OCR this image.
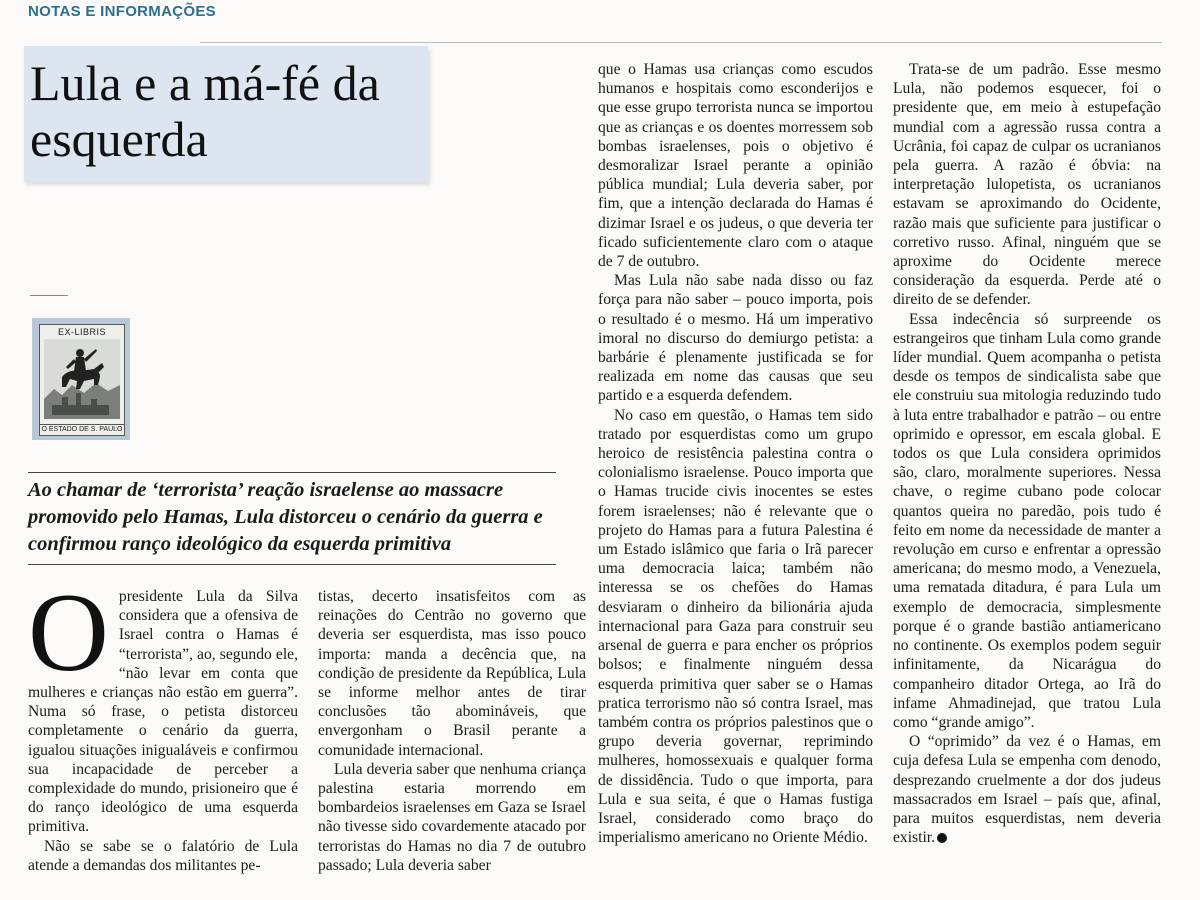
NOTAS E INFORMAÇÕES
Lula e a má-fé da esquerda
EX-LIBRIS
O ESTADO DE S. PAULO
Ao chamar de ‘terrorista’ reação israelense ao massacre promovido pelo Hamas, Lula distorceu o cenário da guerra e confirmou ranço ideológico da esquerda primitiva
O presidente Lula da Silva considera que a ofensiva de Israel contra o Hamas é “terrorista”, ao, segundo ele, “não levar em conta que mulheres e crianças não estão em guerra”. Numa só frase, o petista distorceu completamente o cenário da guerra, igualou situações inigualáveis e confirmou sua incapacidade de perceber a complexidade do mundo, prisioneiro que é do ranço ideológico de uma esquerda primitiva.

Não se sabe se o falatório de Lula atende a demandas dos militantes pe-

tistas, decerto insatisfeitos com as reinações do Centrão no governo que deveria ser esquerdista, mas isso pouco importa: manda a decência que, na condição de presidente da República, Lula se informe melhor antes de tirar conclusões tão abomináveis, que envergonham o Brasil perante a comunidade internacional.

Lula deveria saber que nenhuma criança palestina estaria morrendo em bombardeios israelenses em Gaza se Israel não tivesse sido covardemente atacado por terroristas do Hamas no dia 7 de outubro passado; Lula deveria saber

que o Hamas usa crianças como escudos humanos e hospitais como esconderijos e que esse grupo terrorista nunca se importou que as crianças e os doentes morressem sob bombas israelenses, pois o objetivo é desmoralizar Israel perante a opinião pública mundial; Lula deveria saber, por fim, que a intenção declarada do Hamas é dizimar Israel e os judeus, o que deveria ter ficado suficientemente claro com o ataque de 7 de outubro.

Mas Lula não sabe nada disso ou faz força para não saber – pouco importa, pois o resultado é o mesmo. Há um imperativo imoral no discurso do demiurgo petista: a barbárie é plenamente justificada se for realizada em nome das causas que seu partido e a esquerda defendem.

No caso em questão, o Hamas tem sido tratado por esquerdistas como um grupo heroico de resistência palestina contra o colonialismo israelense. Pouco importa que o Hamas trucide civis inocentes se estes forem israelenses; não é relevante que o projeto do Hamas para a futura Palestina é um Estado islâmico que faria o Irã parecer uma democracia laica; também não interessa se os chefões do Hamas desviaram o dinheiro da bilionária ajuda internacional para Gaza para construir seu arsenal de guerra e para encher os próprios bolsos; e finalmente ninguém dessa esquerda primitiva quer saber se o Hamas pratica terrorismo não só contra Israel, mas também contra os próprios palestinos que o grupo deveria governar, reprimindo mulheres, homossexuais e qualquer forma de dissidência. Tudo o que importa, para Lula e sua seita, é que o Hamas fustiga Israel, considerado como braço do imperialismo americano no Oriente Médio.

Trata-se de um padrão. Esse mesmo Lula, não podemos esquecer, foi o presidente que, em meio à estupefação mundial com a agressão russa contra a Ucrânia, foi capaz de culpar os ucranianos pela guerra. A razão é óbvia: na interpretação lulopetista, os ucranianos estavam se aproximando do Ocidente, razão mais que suficiente para justificar o corretivo russo. Afinal, ninguém que se aproxime do Ocidente merece consideração da esquerda. Perde até o direito de se defender.

Essa indecência só surpreende os estrangeiros que tinham Lula como grande líder mundial. Quem acompanha o petista desde os tempos de sindicalista sabe que ele construiu sua mitologia reduzindo tudo à luta entre trabalhador e patrão – ou entre oprimido e opressor, em escala global. E todos os que Lula considera oprimidos são, claro, moralmente superiores. Nessa chave, o regime cubano pode colocar quantos queira no paredão, pois tudo é feito em nome da necessidade de manter a revolução em curso e enfrentar a opressão americana; do mesmo modo, a Venezuela, uma rematada ditadura, é para Lula um exemplo de democracia, simplesmente porque é o grande bastião antiamericano no continente. Os exemplos podem seguir infinitamente, da Nicarágua do companheiro ditador Ortega, ao Irã do infame Ahmadinejad, que tratou Lula como “grande amigo”.

O “oprimido” da vez é o Hamas, em cuja defesa Lula se empenha com denodo, desprezando cruelmente a dor dos judeus massacrados em Israel – país que, afinal, para muitos esquerdistas, nem deveria existir.
